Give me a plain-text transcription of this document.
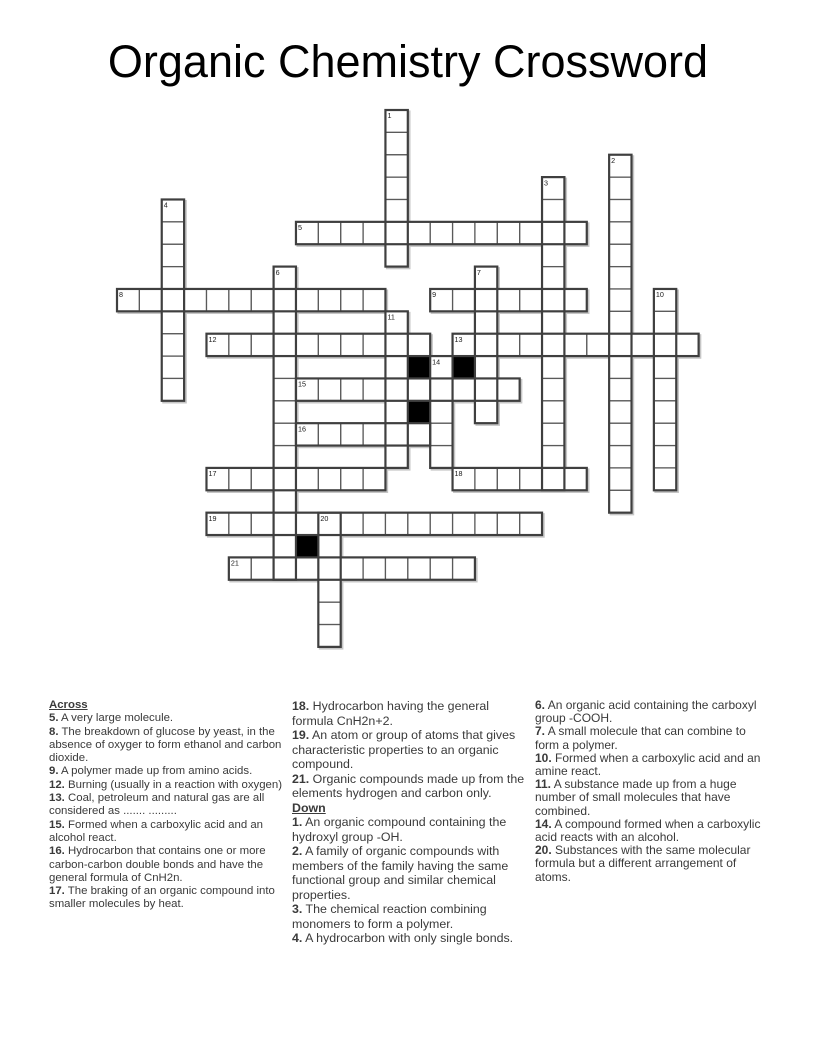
Organic Chemistry Crossword
5
8	9
12	13
15
16
17	18
19
21
1
2
3
4
6	7
10
11
14
20
Across
5. A very large molecule.
8. The breakdown of glucose by yeast, in the absence of oxyger to form ethanol and carbon dioxide.
9. A polymer made up from amino acids.
12. Burning (usually in a reaction with oxygen)
13. Coal, petroleum and natural gas are all considered as ....... .........
15. Formed when a carboxylic acid and an alcohol react.
16. Hydrocarbon that contains one or more carbon-carbon double bonds and have the general formula of CnH2n.
17. The braking of an organic compound into smaller molecules by heat.
18. Hydrocarbon having the general formula CnH2n+2.
19. An atom or group of atoms that gives characteristic properties to an organic compound.
21. Organic compounds made up from the elements hydrogen and carbon only.
Down
1. An organic compound containing the hydroxyl group -OH.
2. A family of organic compounds with members of the family having the same functional group and similar chemical properties.
3. The chemical reaction combining monomers to form a polymer.
4. A hydrocarbon with only single bonds.
6. An organic acid containing the carboxyl group -COOH.
7. A small molecule that can combine to form a polymer.
10. Formed when a carboxylic acid and an amine react.
11. A substance made up from a huge number of small molecules that have combined.
14. A compound formed when a carboxylic acid reacts with an alcohol.
20. Substances with the same molecular formula but a different arrangement of atoms.
